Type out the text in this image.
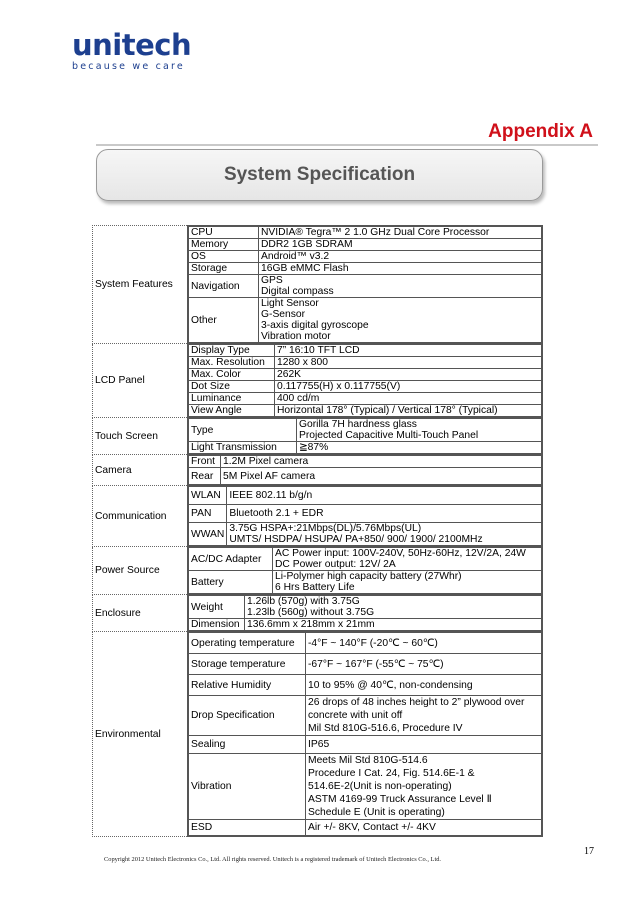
unitech
because we care
Appendix A
System Specification
System Features	
CPU	NVIDIA® Tegra™ 2 1.0 GHz Dual Core Processor
Memory	DDR2 1GB SDRAM
OS	Android™ v3.2
Storage	16GB eMMC Flash
Navigation	GPS
Digital compass
Other	Light Sensor
G-Sensor
3-axis digital gyroscope
Vibration motor

LCD Panel	
Display Type	7” 16:10 TFT LCD
Max. Resolution	1280 x 800
Max. Color	262K
Dot Size	0.117755(H) x 0.117755(V)
Luminance	400 cd/m
View Angle	Horizontal 178° (Typical) / Vertical 178° (Typical)

Touch Screen	
Type	Gorilla 7H hardness glass
Projected Capacitive Multi-Touch Panel
Light Transmission	≧87%

Camera	
Front	1.2M Pixel camera
Rear	5M Pixel AF camera

Communication	
WLAN	IEEE 802.11 b/g/n
PAN	Bluetooth 2.1 + EDR
WWAN	3.75G HSPA+:21Mbps(DL)/5.76Mbps(UL)
UMTS/ HSDPA/ HSUPA/ PA+850/ 900/ 1900/ 2100MHz

Power Source	
AC/DC Adapter	AC Power input: 100V-240V, 50Hz-60Hz, 12V/2A, 24W
DC Power output: 12V/ 2A
Battery	Li-Polymer high capacity battery (27Whr)
6 Hrs Battery Life

Enclosure	
Weight	1.26lb (570g) with 3.75G
1.23lb (560g) without 3.75G
Dimension	136.6mm x 218mm x 21mm

Environmental	
Operating temperature	-4°F ~ 140°F (-20℃ ~ 60℃)
Storage temperature	-67°F ~ 167°F (-55℃ ~ 75℃)
Relative Humidity	10 to 95% @ 40℃, non-condensing
Drop Specification	26 drops of 48 inches height to 2” plywood over
concrete with unit off
Mil Std 810G-516.6, Procedure IV
Sealing	IP65
Vibration	Meets Mil Std 810G-514.6
Procedure I Cat. 24, Fig. 514.6E-1 &
514.6E-2(Unit is non-operating)
ASTM 4169-99 Truck Assurance Level Ⅱ
Schedule E (Unit is operating)
ESD	Air +/- 8KV, Contact +/- 4KV
17
Copyright 2012 Unitech Electronics Co., Ltd. All rights reserved. Unitech is a registered trademark of Unitech Electronics Co., Ltd.
